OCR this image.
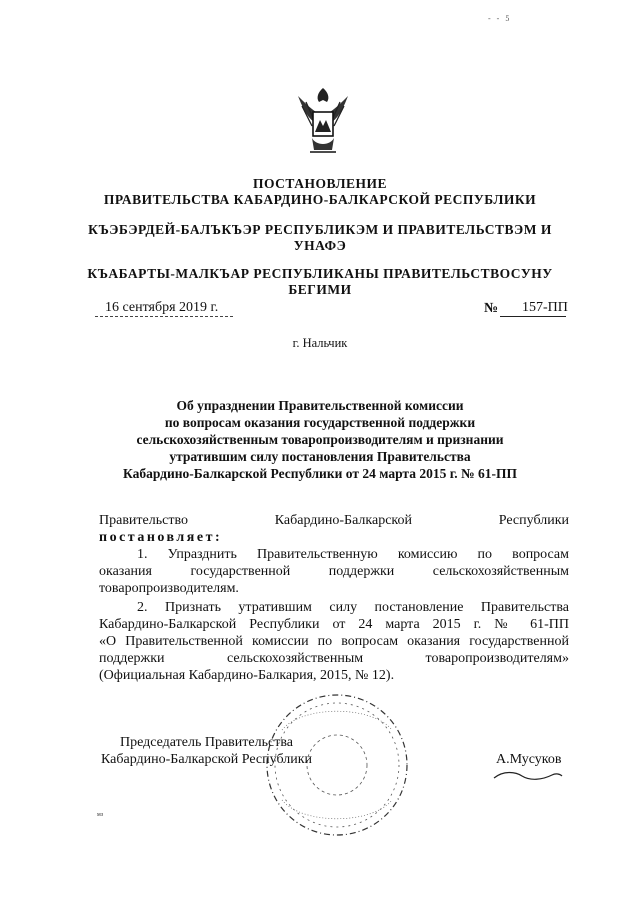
- - 5
ПОСТАНОВЛЕНИЕ
ПРАВИТЕЛЬСТВА КАБАРДИНО-БАЛКАРСКОЙ РЕСПУБЛИКИ
КЪЭБЭРДЕЙ-БАЛЪКЪЭР РЕСПУБЛИКЭМ И ПРАВИТЕЛЬСТВЭМ И
УНАФЭ
КЪАБАРТЫ-МАЛКЪАР РЕСПУБЛИКАНЫ ПРАВИТЕЛЬСТВОСУНУ
БЕГИМИ
16 сентября 2019 г.	№ 157-ПП
г. Нальчик
Об упразднении Правительственной комиссии
по вопросам оказания государственной поддержки
сельскохозяйственным товаропроизводителям и признании
утратившим силу постановления Правительства
Кабардино-Балкарской Республики от 24 марта 2015 г. № 61-ПП
Правительство Кабардино-Балкарской Республики
постановляет:
1. Упразднить Правительственную комиссию по вопросам
оказания государственной поддержки сельскохозяйственным
товаропроизводителям.
2. Признать утратившим силу постановление Правительства
Кабардино-Балкарской Республики от 24 марта 2015 г. № 61-ПП
«О Правительственной комиссии по вопросам оказания государственной
поддержки сельскохозяйственным товаропроизводителям»
(Официальная Кабардино-Балкария, 2015, № 12).
Председатель Правительства
Кабардино-Балкарской Республики	А.Мусуков
мз
